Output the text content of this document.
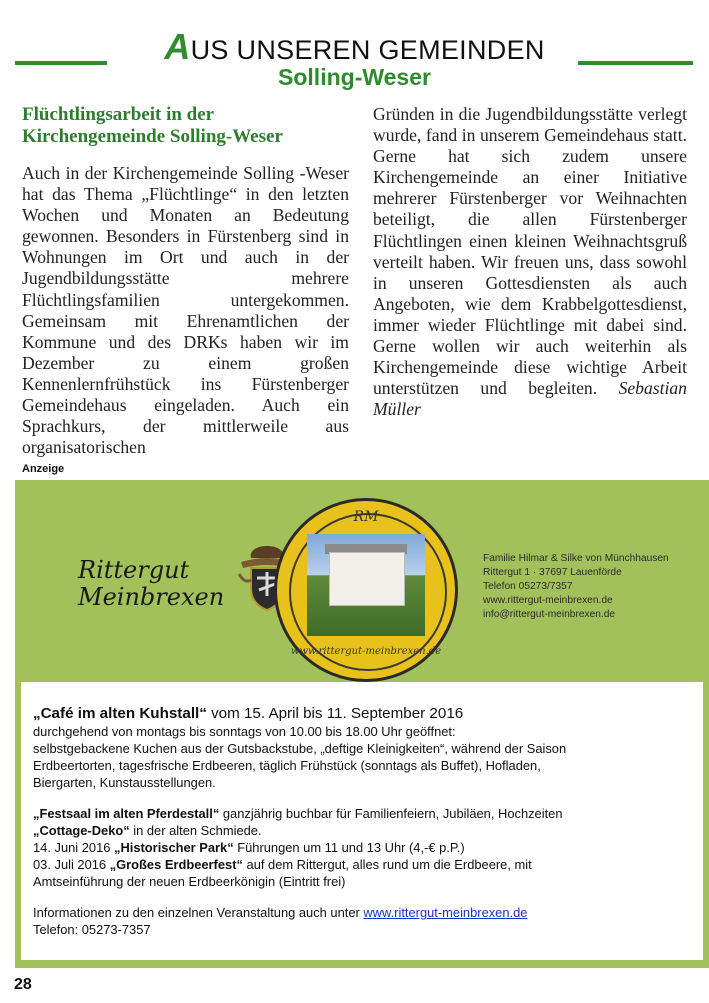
AUS UNSEREN GEMEINDEN
Solling-Weser
Flüchtlingsarbeit in der
Kirchengemeinde Solling-Weser

Auch in der Kirchengemeinde Solling -Weser hat das Thema „Flüchtlinge“ in den letzten Wochen und Monaten an Bedeutung gewonnen. Besonders in Fürstenberg sind in Wohnungen im Ort und auch in der Jugendbildungsstätte mehrere Flüchtlingsfamilien untergekommen. Gemeinsam mit Ehrenamtlichen der Kommune und des DRKs haben wir im Dezember zu einem großen Kennenlernfrühstück ins Fürstenberger Gemeindehaus eingeladen. Auch ein Sprachkurs, der mittlerweile aus organisatorischen

Gründen in die Jugendbildungsstätte verlegt wurde, fand in unserem Gemeindehaus statt. Gerne hat sich zudem unsere Kirchengemeinde an einer Initiative mehrerer Fürstenberger vor Weihnachten beteiligt, die allen Fürstenberger Flüchtlingen einen kleinen Weihnachtsgruß verteilt haben. Wir freuen uns, dass sowohl in unseren Gottesdiensten als auch Angeboten, wie dem Krabbelgottesdienst, immer wieder Flüchtlinge mit dabei sind. Gerne wollen wir auch weiterhin als Kirchengemeinde diese wichtige Arbeit unterstützen und begleiten. Sebastian Müller

Anzeige
Rittergut
Meinbrexen
RM
www.rittergut-meinbrexen.de
Familie Hilmar & Silke von Münchhausen
Rittergut 1 · 37697 Lauenförde
Telefon 05273/7357
www.rittergut-meinbrexen.de
info@rittergut-meinbrexen.de

„Café im alten Kuhstall“ vom 15. April bis 11. September 2016

durchgehend von montags bis sonntags von 10.00 bis 18.00 Uhr geöffnet:

selbstgebackene Kuchen aus der Gutsbackstube, „deftige Kleinigkeiten“, während der Saison

Erdbeertorten, tagesfrische Erdbeeren, täglich Frühstück (sonntags als Buffet), Hofladen,

Biergarten, Kunstausstellungen.

„Festsaal im alten Pferdestall“ ganzjährig buchbar für Familienfeiern, Jubiläen, Hochzeiten

„Cottage-Deko“ in der alten Schmiede.

14. Juni 2016 „Historischer Park“ Führungen um 11 und 13 Uhr (4,-€ p.P.)

03. Juli 2016 „Großes Erdbeerfest“ auf dem Rittergut, alles rund um die Erdbeere, mit

Amtseinführung der neuen Erdbeerkönigin (Eintritt frei)

Informationen zu den einzelnen Veranstaltung auch unter www.rittergut-meinbrexen.de

Telefon: 05273-7357

28
